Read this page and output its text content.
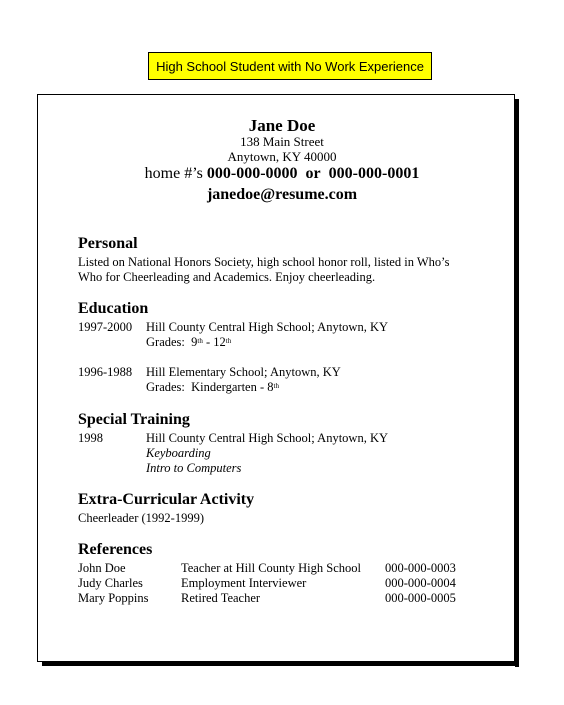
High School Student with No Work Experience
Jane Doe
138 Main Street
Anytown, KY 40000
home #’s 000-000-0000 or 000-000-0001
janedoe@resume.com
Personal
Listed on National Honors Society, high school honor roll, listed in Who’s
Who for Cheerleading and Academics. Enjoy cheerleading.
Education
1997-2000 Hill County Central High School; Anytown, KY
Grades: 9th - 12th
1996-1988 Hill Elementary School; Anytown, KY
Grades: Kindergarten - 8th
Special Training
1998	Hill County Central High School; Anytown, KY
Keyboarding
Intro to Computers
Extra-Curricular Activity
Cheerleader (1992-1999)
References
John Doe	Teacher at Hill County High School 000-000-0003
Judy Charles	Employment Interviewer	000-000-0004
Mary Poppins	Retired Teacher	000-000-0005
